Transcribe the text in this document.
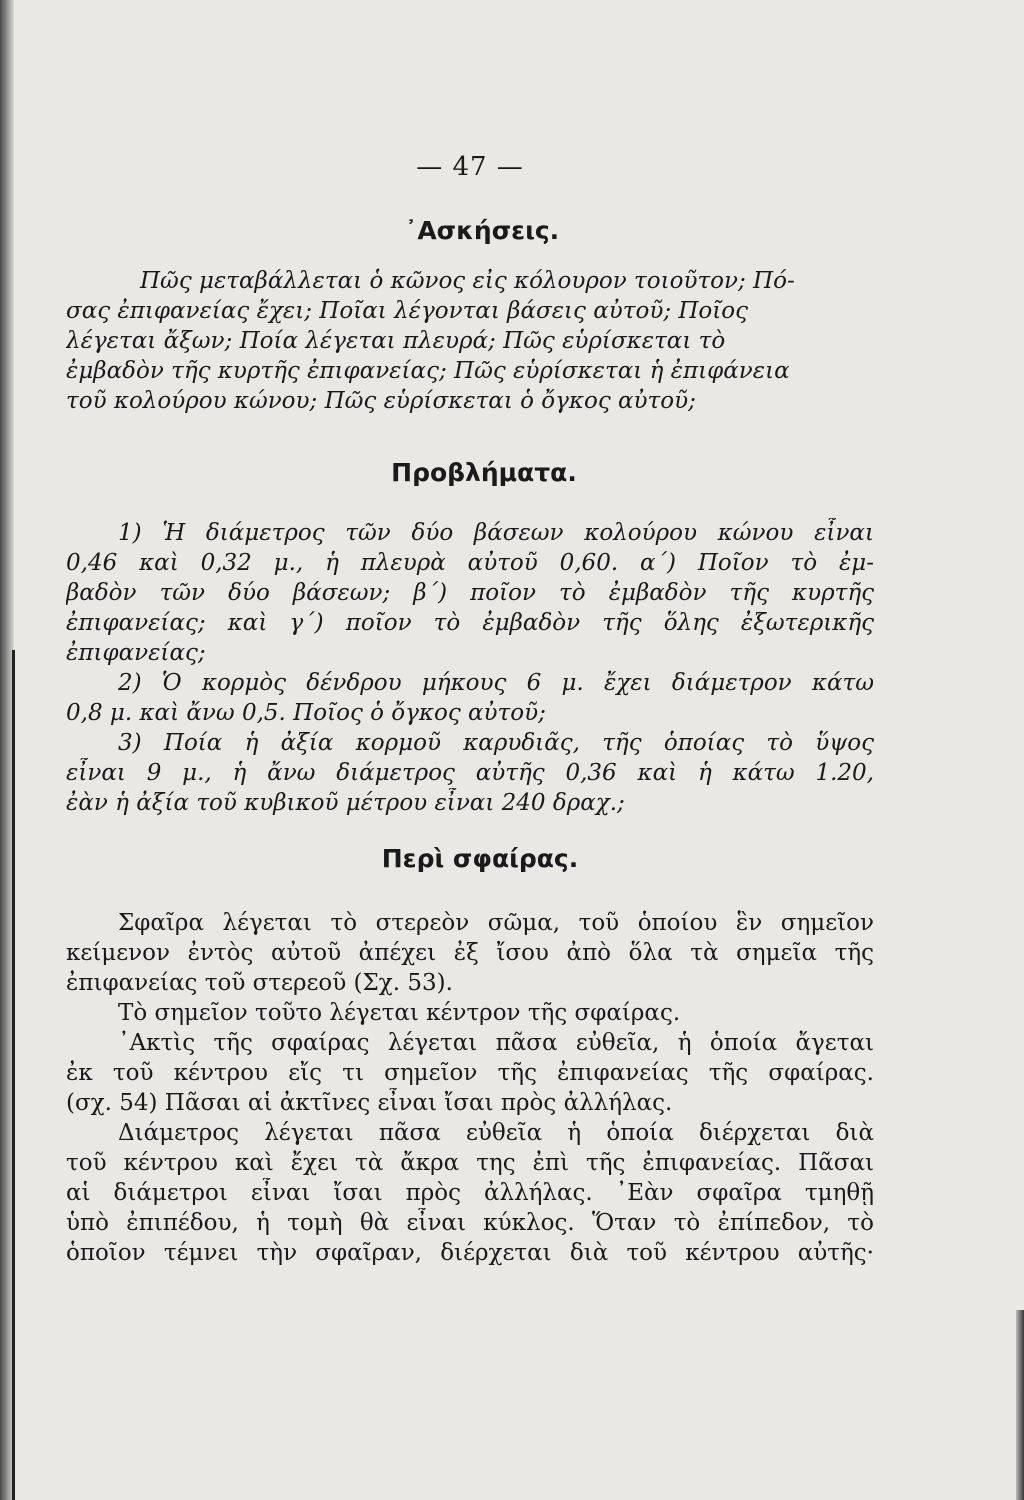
— 47 —
᾿Ασκήσεις.
Πῶς μεταβάλλεται ὁ κῶνος εἰς κόλουρον τοιοῦτον; Πό-
σας ἐπιφανείας ἔχει; Ποῖαι λέγονται βάσεις αὐτοῦ; Ποῖος
λέγεται ἄξων; Ποία λέγεται πλευρά; Πῶς εὑρίσκεται τὸ
ἐμβαδὸν τῆς κυρτῆς ἐπιφανείας; Πῶς εὑρίσκεται ἡ ἐπιφάνεια
τοῦ κολούρου κώνου; Πῶς εὑρίσκεται ὁ ὄγκος αὐτοῦ;
Προβλήματα.
1) Ἡ διάμετρος τῶν δύο βάσεων κολούρου κώνου εἶναι
0,46 καὶ 0,32 μ., ἡ πλευρὰ αὐτοῦ 0,60. α΄) Ποῖον τὸ ἐμ-
βαδὸν τῶν δύο βάσεων; β΄) ποῖον τὸ ἐμβαδὸν τῆς κυρτῆς
ἐπιφανείας; καὶ γ΄) ποῖον τὸ ἐμβαδὸν τῆς ὅλης ἐξωτερικῆς
ἐπιφανείας;
2) Ὁ κορμὸς δένδρου μήκους 6 μ. ἔχει διάμετρον κάτω
0,8 μ. καὶ ἄνω 0,5. Ποῖος ὁ ὄγκος αὐτοῦ;
3) Ποία ἡ ἀξία κορμοῦ καρυδιᾶς, τῆς ὁποίας τὸ ὕψος
εἶναι 9 μ., ἡ ἄνω διάμετρος αὐτῆς 0,36 καὶ ἡ κάτω 1.20,
ἐὰν ἡ ἀξία τοῦ κυβικοῦ μέτρου εἶναι 240 δραχ.;
Περὶ σφαίρας.
Σφαῖρα λέγεται τὸ στερεὸν σῶμα, τοῦ ὁποίου ἓν σημεῖον
κείμενον ἐντὸς αὐτοῦ ἀπέχει ἐξ ἴσου ἀπὸ ὅλα τὰ σημεῖα τῆς
ἐπιφανείας τοῦ στερεοῦ (Σχ. 53).
Τὸ σημεῖον τοῦτο λέγεται κέντρον τῆς σφαίρας.
᾿Ακτὶς τῆς σφαίρας λέγεται πᾶσα εὐθεῖα, ἡ ὁποία ἄγεται
ἐκ τοῦ κέντρου εἴς τι σημεῖον τῆς ἐπιφανείας τῆς σφαίρας.
(σχ. 54) Πᾶσαι αἱ ἀκτῖνες εἶναι ἴσαι πρὸς ἀλλήλας.
Διάμετρος λέγεται πᾶσα εὐθεῖα ἡ ὁποία διέρχεται διὰ
τοῦ κέντρου καὶ ἔχει τὰ ἄκρα της ἐπὶ τῆς ἐπιφανείας. Πᾶσαι
αἱ διάμετροι εἶναι ἴσαι πρὸς ἀλλήλας. ᾿Εὰν σφαῖρα τμηθῇ
ὑπὸ ἐπιπέδου, ἡ τομὴ θὰ εἶναι κύκλος. Ὅταν τὸ ἐπίπεδον, τὸ
ὁποῖον τέμνει τὴν σφαῖραν, διέρχεται διὰ τοῦ κέντρου αὐτῆς·
